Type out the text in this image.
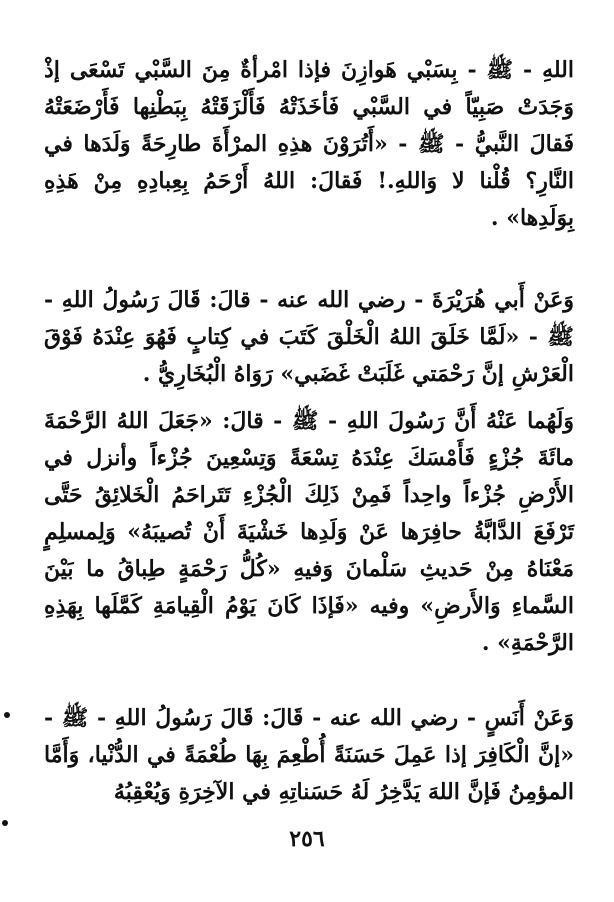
اللهِ - ﷺ - بِسَبْي هَوازِنَ فإذا امْرأةٌ مِنَ السَّبْي تَسْعَى إذْ وَجَدَتْ صَبِيّاً في السَّبْي فَأخَذَتْهُ فَأَلْزَقَتْهُ بِبَطْنِها فَأَرْضَعَتْهُ فَقالَ النَّبيُّ - ﷺ - «أَتُرَوْنَ هذِهِ المرْأَةَ طارِحَةً وَلَدَها في النَّارِ؟ قُلْنا لا وَاللهِ.! فَقالَ: اللهُ أَرْحَمُ بِعِبادِهِ مِنْ هَذِهِ بِوَلَدِها» .
وَعَنْ أَبي هُرَيْرَةَ - رضي الله عنه - قالَ: قَالَ رَسُولُ اللهِ - ﷺ - «لَمَّا خَلَقَ اللهُ الْخَلْقَ كَتَبَ في كِتابٍ فَهُوَ عِنْدَهُ فَوْقَ الْعَرْشِ إنَّ رَحْمَتي غَلَبَتْ غَضَبي» رَوَاهُ الْبُخَارِيُّ .
وَلَهُما عَنْهُ أَنَّ رَسُولَ اللهِ - ﷺ - قالَ: «جَعَلَ اللهُ الرَّحْمَةَ مائَةَ جُزْءٍ فَأَمْسَكَ عِنْدَهُ تِسْعَةً وَتِسْعِينَ جُزْءاً وأنزل في الأَرْضِ جُزْءاً واحِداً فَمِنْ ذَلِكَ الْجُزْءِ تَتَراحَمُ الْخَلائِقُ حَتَّى تَرْفَعَ الدَّابَّةُ حافِرَها عَنْ وَلَدِها خَشْيَةَ أَنْ تُصيبَهُ» وَلِمسلِمٍ مَعْنَاهُ مِنْ حَديثِ سَلْمانَ وَفيهِ «كُلُّ رَحْمَةٍ طِباقُ ما بَيْنَ السَّماءِ وَالأَرضِ» وفيه «فَإذَا كَانَ يَوْمُ الْقِيامَةِ كَمَّلَها بِهَذِهِ الرَّحْمَةِ» .
وَعَنْ أَنَسٍ - رضي الله عنه - قَالَ: قَالَ رَسُولُ اللهِ - ﷺ - «إنَّ الْكَافِرَ إذا عَمِلَ حَسَنَةً أُطْعِمَ بِهَا طُعْمَةً في الدُّنْيا، وَأَمَّا المؤمِنُ فَإنَّ اللهَ يَدَّخِرُ لَهُ حَسَناتِهِ في الآخِرَةِ وَيُعْقِبُهُ
٢٥٦
